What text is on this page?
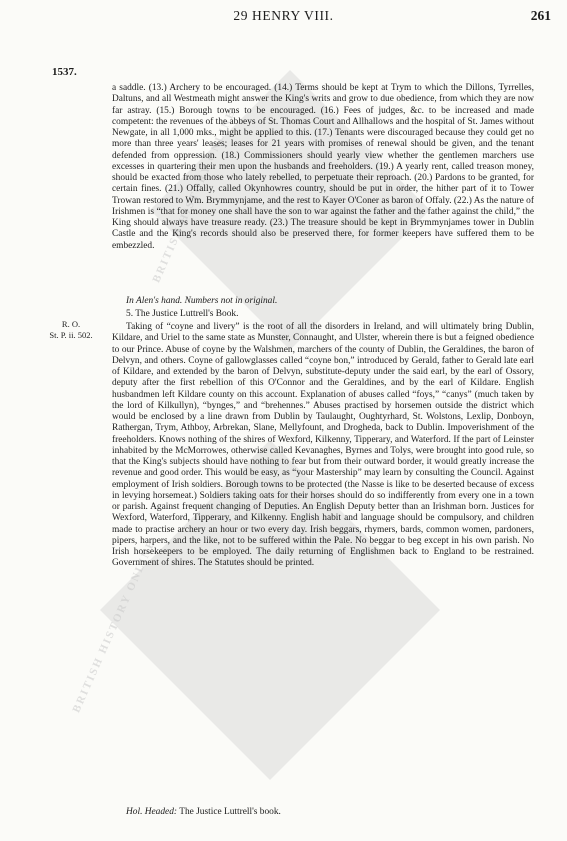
BRITISH HISTORY ONLINE
BRITISH HISTORY ONLINE
29 HENRY VIII.	261
1537.
R. O.
St. P. ii. 502.

a saddle. (13.) Archery to be encouraged. (14.) Terms should be kept at Trym to which the Dillons, Tyrrelles, Daltuns, and all Westmeath might answer the King's writs and grow to due obedience, from which they are now far astray. (15.) Borough towns to be encouraged. (16.) Fees of judges, &c. to be increased and made competent: the revenues of the abbeys of St. Thomas Court and Allhallows and the hospital of St. James without Newgate, in all 1,000 mks., might be applied to this. (17.) Tenants were discouraged because they could get no more than three years' leases; leases for 21 years with promises of renewal should be given, and the tenant defended from oppression. (18.) Commissioners should yearly view whether the gentlemen marchers use excesses in quartering their men upon the husbands and freeholders. (19.) A yearly rent, called treason money, should be exacted from those who lately rebelled, to perpetuate their reproach. (20.) Pardons to be granted, for certain fines. (21.) Offally, called Okynhowres country, should be put in order, the hither part of it to Tower Trowan restored to Wm. Brymmynjame, and the rest to Kayer O'Coner as baron of Offaly. (22.) As the nature of Irishmen is “that for money one shall have the son to war against the father and the father against the child,” the King should always have treasure ready. (23.) The treasure should be kept in Brymmynjames tower in Dublin Castle and the King's records should also be preserved there, for former keepers have suffered them to be embezzled.

In Alen's hand. Numbers not in original.

5. The Justice Luttrell's Book.

Taking of “coyne and livery” is the root of all the disorders in Ireland, and will ultimately bring Dublin, Kildare, and Uriel to the same state as Munster, Connaught, and Ulster, wherein there is but a feigned obedience to our Prince. Abuse of coyne by the Walshmen, marchers of the county of Dublin, the Geraldines, the baron of Delvyn, and others. Coyne of gallowglasses called “coyne bon,” introduced by Gerald, father to Gerald late earl of Kildare, and extended by the baron of Delvyn, substitute-deputy under the said earl, by the earl of Ossory, deputy after the first rebellion of this O'Connor and the Geraldines, and by the earl of Kildare. English husbandmen left Kildare county on this account. Explanation of abuses called “foys,” “canys” (much taken by the lord of Kilkullyn), “bynges,” and “brehennes.” Abuses practised by horsemen outside the district which would be enclosed by a line drawn from Dublin by Taulaught, Oughtyrhard, St. Wolstons, Lexlip, Donboyn, Rathergan, Trym, Athboy, Arbrekan, Slane, Mellyfount, and Drogheda, back to Dublin. Impoverishment of the freeholders. Knows nothing of the shires of Wexford, Kilkenny, Tipperary, and Waterford. If the part of Leinster inhabited by the McMorrowes, otherwise called Kevanaghes, Byrnes and Tolys, were brought into good rule, so that the King's subjects should have nothing to fear but from their outward border, it would greatly increase the revenue and good order. This would be easy, as “your Mastership” may learn by consulting the Council. Against employment of Irish soldiers. Borough towns to be protected (the Nasse is like to be deserted because of excess in levying horsemeat.) Soldiers taking oats for their horses should do so indifferently from every one in a town or parish. Against frequent changing of Deputies. An English Deputy better than an Irishman born. Justices for Wexford, Waterford, Tipperary, and Kilkenny. English habit and language should be compulsory, and children made to practise archery an hour or two every day. Irish beggars, rhymers, bards, common women, pardoners, pipers, harpers, and the like, not to be suffered within the Pale. No beggar to beg except in his own parish. No Irish horsekeepers to be employed. The daily returning of Englishmen back to England to be restrained. Government of shires. The Statutes should be printed.

Hol. Headed: The Justice Luttrell's book.
